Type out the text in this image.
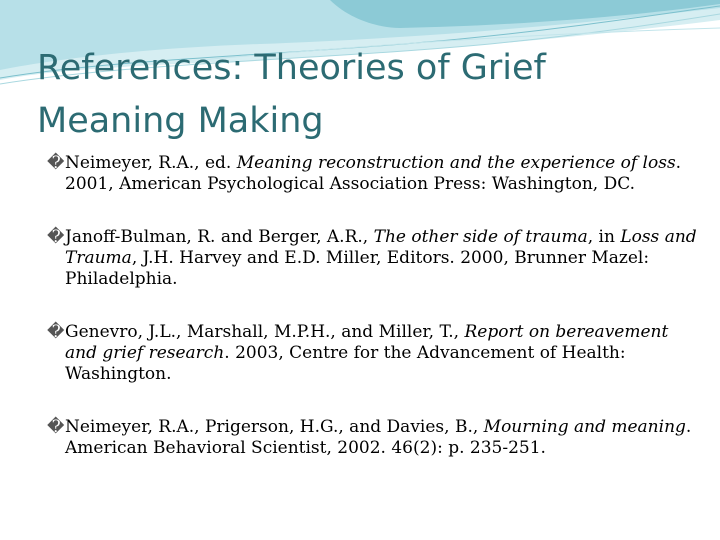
References: Theories of Grief
Meaning Making
� Neimeyer, R.A., ed. Meaning reconstruction and the experience of loss. 2001, American Psychological Association Press: Washington, DC.
� Janoff-Bulman, R. and Berger, A.R., The other side of trauma, in Loss and Trauma, J.H. Harvey and E.D. Miller, Editors. 2000, Brunner Mazel: Philadelphia.
� Genevro, J.L., Marshall, M.P.H., and Miller, T., Report on bereavement and grief research. 2003, Centre for the Advancement of Health: Washington.
� Neimeyer, R.A., Prigerson, H.G., and Davies, B., Mourning and meaning. American Behavioral Scientist, 2002. 46(2): p. 235-251.
